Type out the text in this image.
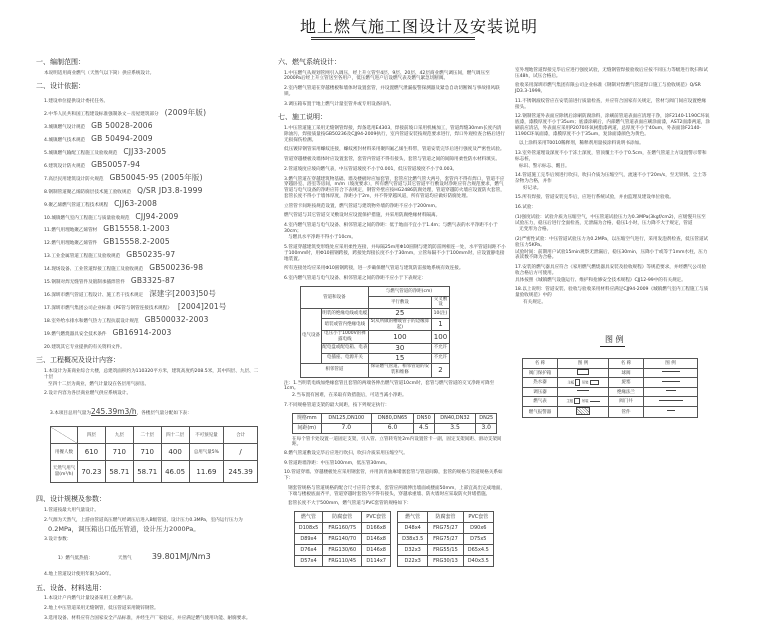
地上燃气施工图设计及安装说明
一、编制范围：
本说明适用商业燃气（天然气以下简）供应系统设计。
二、设计依据：
1.建设单位提供设计委托任务。
2.中华人民共和国工程建设标准强制条文－房屋建筑部分 (2009年版)
3.城镇燃气设计规范 GB 50028-2006
4.城镇燃气技术规范 GB 50494-2009
5.城镇燃气输配工程施工及验收规范 CJJ33-2005
6.建筑设计防火规范 GB50057-94
7.高层民用建筑设计防火规范 GB50045-95 (2005年版)
8.钢制管道聚乙烯防腐层技术施工验收规范 Q/SR JD3.8-1999
9.聚乙烯燃气管道工程技术规程 CJJ63-2008
10.城镇燃气室内工程施工与质量验收规范 CJJ94-2009
11.燃气用埋地聚乙烯管材 GB15558.1-2003
12.燃气用埋地聚乙烯管件 GB15558.2-2005
13.工业金属管道工程施工及验收规范 GB50235-97
14.现场设备、工业管道焊接工程施工及验收规范 GB500236-98
15.钢制对焊无缝管件及锻制承插焊管件 GB3325-87
16.深圳市燃气管道工程设计、施工若干技术规定 深建字[2003]50号
17.深圳市燃气集团公司企业标准《PE管与钢管连接技术规程》 [2004]201号
18.室外给水排水和燃气热力工程抗震设计规范 GB500032-2003
19.燃气燃烧器具安全技术条件 GB16914-2003
20.建筑其它专业提供的有关资料文件。
三、工程概况及设计内容：
1.本设计为某商业综合大楼，总建筑面积约为110320平方米，建筑高度约208.5米，其中四层、九层、二十层
至四十二层为商业，燃气计量设在各层用气厨房。
2.设计内容为各层商业燃气供应系统设计。

3.本项目总用气量为245.39m3/h，各楼层气量分配如下表：

	四层	九层	二十层	四十二层	不可预见量	合计
用餐人数	610	710	710	400	总用气量5%	/
天然气用气量(m³/h)	70.23	58.71	58.71	46.05	11.69	245.39
四、设计规模及参数：
1.管道按最大用气量设计。
2.气源为天然气，上游由管道高压燃气经调压后进入B级管道，设计压力0.3MPa，室内运行压力为
0.2MPa，调压箱出口低压管道，设计压力2000Pa。
3.设计参数：

1）燃气低热值：	天然气	39.801MJ/Nm3

4.地上管道设计使用年限为30年。
五、设备、材料选用：
1.本设计户内燃气计量设备采用工业燃气表。
2.地上中压管道采用无缝钢管，低压管道采用镀锌钢管。
3.选用设备、材料应符合国家安全产品标准，并经生产厂家验证，并应满足燃气使用功能、耐腐要求。
六、燃气系统设计：
1.中压燃气从规划管网引入调压，经上升立管至4层、9层、20层、42层商业燃气调压间，燃气调压至2000Pa后经上升立管送至各用户，低压燃气进户后设燃气表及燃气紧急切断阀。
2.室内燃气管道在穿越楼板和墙体时设置套管，并设置燃气泄漏报警探测器及紧急自动切断阀与事故排风联锁。
3.调压箱布置于地上燃气计量室管井或专用设备间内。
七、施工说明：
1.中压管道施工采用无缝钢管焊接，焊条选用E4303，焊接前坡口采用机械加工，管道焊缝30mm长度内清除油污，焊接质量按GB50236及CJJ94-2009执行，室内管道安装按规范要求进行，焊口外观检查合格后进行无损探伤检测。
低压镀锌钢管采用螺纹连接，螺纹密封材料采用聚四氟乙烯生料带，管道安装完毕后进行强度及严密性试验。
管道穿越楼板及墙体时应设置套管，套管内管道不得有接头，套管与管道之间的间隙用柔性防水材料填实。
2.管道坡度应坡向燃气表，中压管道坡度不小于0.001，低压管道坡度不小于0.003。
3.燃气管道在穿越建筑物基础、墙及楼板时应加套管，套管应比燃气管大两号，套管内不得有焊口，管道不应穿越卧室、浴室等房间，m/m（坡度要求），所有燃气管道与其它管道平行敷设时净距应符合规范要求，燃气管道与电气设备的净距应符合下表规定，钢管外壁应按HG2486防腐处理，管道穿越防火墙应设置防火套管，套管长度不得小于墙体厚度，净距小于2m，并不得穿越风道，所有管道均应做好防腐处理。
立管管卡间距按规范设置，燃气管道与建筑物外墙的净距不应小于200mm。
燃气管道与其它管道交叉敷设时应设置保护措施，并采用防腐绝缘材料隔离。
4.室内燃气管道与电气设备、相邻管道之间的净距：低于地面不宜小于1.4m；与燃气表的水平净距不小于30cm；
与燃具水平净距不得小于10cm。
5.管道穿越建筑变形缝处应采用柔性连接，并每隔25m用Φ10圆钢与建筑防雷网相连一处，水平管道间距不小于100mm时，用Φ10圆钢跨接，跨接处焊接长度不小于30mm，立管每隔不小于100mm时，应设置静电接地装置。
所有连接处均应采用Φ10圆钢跨接，进一步确保燃气管道与建筑防雷接地系统有效连接。
6.室内燃气管道与电气设备、相邻管道之间的净距不应小于下表规定：
管道和设备		与燃气管道的净距(cm)	
		平行敷设	交叉敷设
电气设备	明装的绝缘电线或电缆	25	10(注)
	暗装或管内绝缘电线	5(从所做的槽或管子的边缘算起)	1
	电压小于1000V的裸露电线	100	100
	配电盘或配电箱、电表	30	不允许
	电插座、电源开关	15	不允许
相邻管道		保证燃气管道、相邻管道的安装和维修	2
注：1.当明装电线加绝缘套管且套管的两端各伸出燃气管道10cm时，套管与燃气管道的交叉净距可降至1cm。
2.当布置有困难，在采取有效措施后，可适当减小净距。
7.不同规格管道支架的最大间距，按下列规定执行：
规格mm	DN125,DN100	DN80,DN65	DN50	DN40,DN32	DN25
间距(m)	7.0	6.0	4.5	3.5	3.0
在每个管卡处设置一道固定支架，引入管、立管转弯处2m内设置管卡一副，固定支架间距、滑动支架间距。
8.燃气管道敷设完毕后应进行吹扫，吹扫介质采用压缩空气。
9.管道距墙净距：中压管100mm，低压管30mm。
10.管道穿墙、穿越楼板处应采用钢套管，并用沥青油麻堵塞套管与管道间隙，套管的规格与管道规格关系如下：
钢套管规格与管道规格的配合尺寸应符合要求，套管应两端伸出墙面或楼面50mm，上部宜高出完成地面，下端与楼板底面齐平，管道穿越时套管内不得有接头，穿越承重墙、防火墙时应采取防火封堵措施。
套管长度不大于500mm，燃气管道与PVC套管的规格如下：
燃气管	防腐套管	PVC套管
D108x5	FRG160/75	D166x8
D89x4	FRG140/70	D146x8
D76x4	FRG130/60	D146x8
D57x4	FRG110/45	D114x7
燃气管	防腐套管	PVC套管
D48x4	FRG75/27	D90x6
D38x3.5	FRG75/27	D75x5
D32x3	FRG55/15	D65x4.5
D22x3	FRG30/13	D40x3.5
室外埋地管道焊接完毕后应进行强度试验，无缝钢管焊接验收后应按不同压力等级进行吹扫和试压48h，试压合格后。
验收采用深圳市燃气集团有限公司企业标准《钢制对焊燃气管道焊口施工与验收规范》Q/SR JD3.3-1999。
11.不锈钢波纹管应在安装前进行质量检查，并应符合国家有关规定，管材与阀门间应设置绝缘接头。
12.钢制管道外表面应除锈后涂刷防腐涂料，涂刷前管道表面应清理干净，涂F2140-1190C环氧底漆，漆膜厚度不小于35um；底漆涂刷后，内部燃气管道表面应刷涂面漆，AST2面漆两道，涂刷前应清洁，外表面应采用P2070环氧树脂漆两道，总厚度不小于40um，外表面涂F2140-1190C环氧面漆，漆膜厚度不小于35um，复涂面漆颜色为黄色。
以上涂料采用T0010稀释剂，稀释剂用量按涂料说明书添加。
13.室外管道埋设深度不小于冻土深度，管顶覆土不小于0.5cm，在燃气管道上方设置警示带和标志桩，
标识、警示标志、醒目。
14.管道施工完毕后须进行吹扫，吹扫介质为压缩空气，流速不小于20m/s，至无铁锈、尘土等杂物为合格，并作
好记录。
15.所有焊接、管道安装完毕后，应进行系统试验，并由监理及建设单位验收。
16.试验：
(1)强度试验：试验介质为压缩空气，中压管道试验压力为0.3MPa(3kgf/cm2)，应缓慢升压至试验压力，稳压后进行全面检查，无泄漏为合格，稳压1小时，压力降不大于规定，管道
无变形为合格。
(2)严密性试验：中压管道试验压力为0.2MPa，以压缩空气进行，采用发泡剂检查，低压管道试验压力5KPa。
试验时间：前期用户试验15min观察无泄漏后，稳压30min，压降小于或等于1mm水柱，压力表读数不降为合格。
17.安装的燃气器具应符合《家用燃气燃烧器具安装及验收规程》等规范要求，并经燃气公司验收合格后方可使用。
具体按照《城镇燃气设施运行、维护和抢修安全技术规程》CJJ12-99中的有关规定。
18.以上说明：管道安装、验收与验收采用材料应满足CJJ94-2009《城镇燃气室内工程施工与质量验收规范》中的
有关规定。
图 例
名 称	图 例	名 称	图 例
阀门保护箱		球阀	
热水器	主板 吊装	旋塞	
调压器		绝缘法兰	
燃气表	主板 吊装	阀门井	
燃气报警器		管件	
